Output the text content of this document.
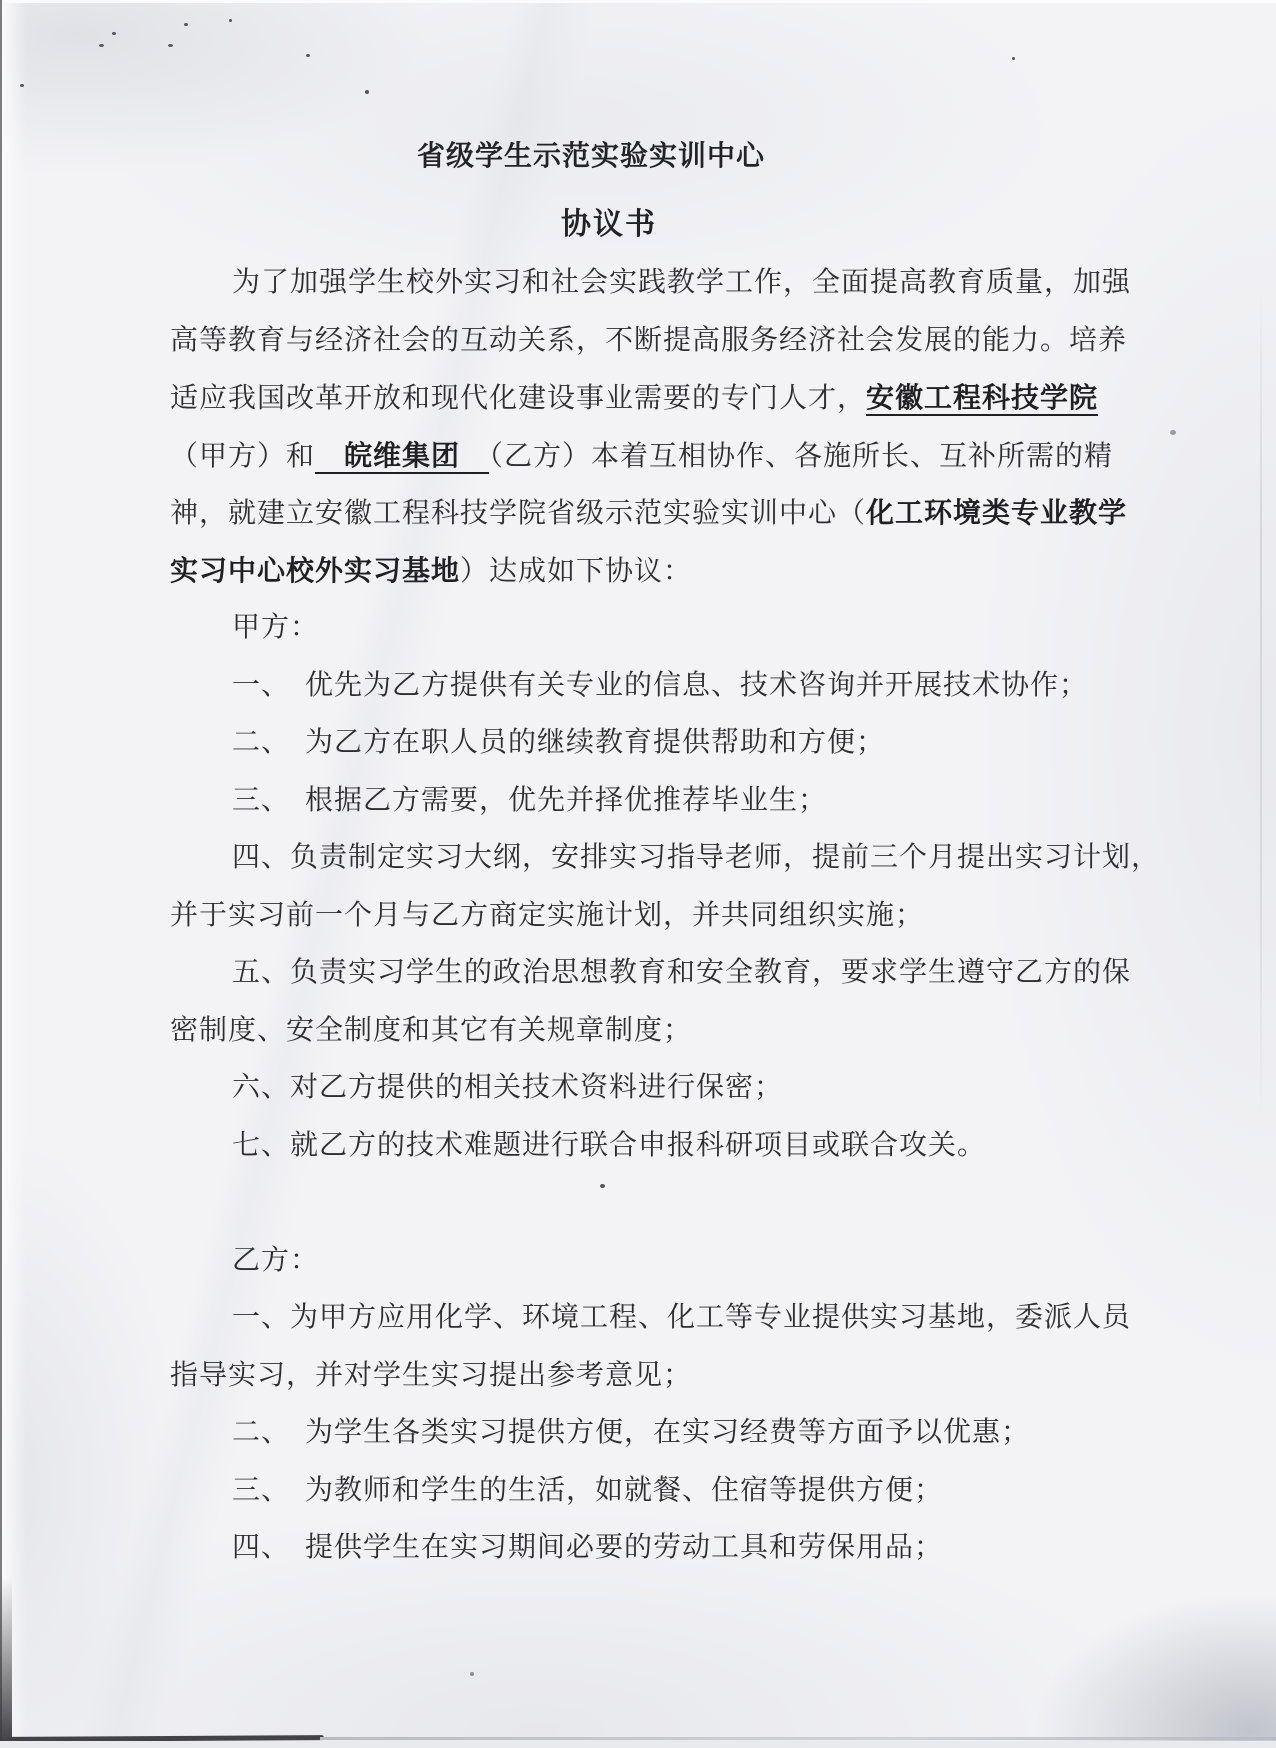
省级学生示范实验实训中心
协议书
为了加强学生校外实习和社会实践教学工作，全面提高教育质量，加强
高等教育与经济社会的互动关系，不断提高服务经济社会发展的能力。培养
适应我国改革开放和现代化建设事业需要的专门人才，安徽工程科技学院
（甲方）和　皖维集团　（乙方）本着互相协作、各施所长、互补所需的精
神，就建立安徽工程科技学院省级示范实验实训中心（化工环境类专业教学
实习中心校外实习基地）达成如下协议：
甲方：
一、　优先为乙方提供有关专业的信息、技术咨询并开展技术协作；
二、　为乙方在职人员的继续教育提供帮助和方便；
三、　根据乙方需要，优先并择优推荐毕业生；
四、负责制定实习大纲，安排实习指导老师，提前三个月提出实习计划，
并于实习前一个月与乙方商定实施计划，并共同组织实施；
五、负责实习学生的政治思想教育和安全教育，要求学生遵守乙方的保
密制度、安全制度和其它有关规章制度；
六、对乙方提供的相关技术资料进行保密；
七、就乙方的技术难题进行联合申报科研项目或联合攻关。
乙方：
一、为甲方应用化学、环境工程、化工等专业提供实习基地，委派人员
指导实习，并对学生实习提出参考意见；
二、　为学生各类实习提供方便，在实习经费等方面予以优惠；
三、　为教师和学生的生活，如就餐、住宿等提供方便；
四、　提供学生在实习期间必要的劳动工具和劳保用品；
